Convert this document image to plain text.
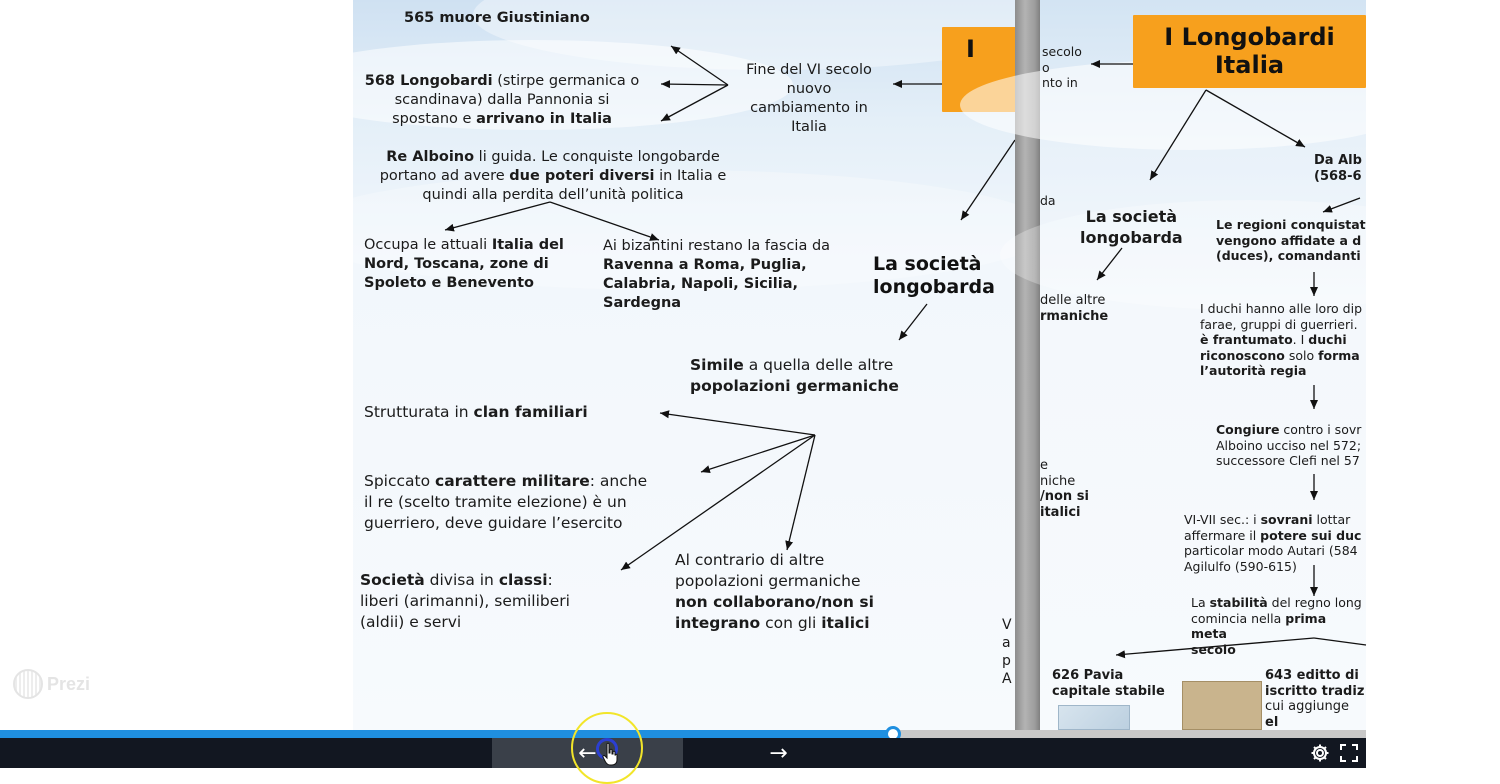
565 muore Giustiniano
568 Longobardi (stirpe germanica o
scandinava) dalla Pannonia si
spostano e arrivano in Italia
Fine del VI secolo
nuovo
cambiamento in
Italia
I
Re Alboino li guida. Le conquiste longobarde
portano ad avere due poteri diversi in Italia e
quindi alla perdita dell’unità politica
Occupa le attuali Italia del
Nord, Toscana, zone di
Spoleto e Benevento
Ai bizantini restano la fascia da
Ravenna a Roma, Puglia,
Calabria, Napoli, Sicilia,
Sardegna
La società
longobarda
Simile a quella delle altre
popolazioni germaniche
Strutturata in clan familiari
Spiccato carattere militare: anche
il re (scelto tramite elezione) è un
guerriero, deve guidare l’esercito
Società divisa in classi:
liberi (arimanni), semiliberi
(aldii) e servi
Al contrario di altre
popolazioni germaniche
non collaborano/non si
integrano con gli italici	V
a
p
A
secolo
o
nto in
I Longobardi
Italia
da
La società
longobarda
Da Alb
(568-6
Le regioni conquistat
vengono affidate a d
(duces), comandanti
delle altre
rmaniche	I duchi hanno alle loro dip
farae, gruppi di guerrieri.
è frantumato. I duchi
riconoscono solo forma
l’autorità regia
Congiure contro i sovr
Alboino ucciso nel 572;
successore Clefi nel 57
e
niche
/non si
italici	VI-VII sec.: i sovrani lottar
affermare il potere sui duc
particolar modo Autari (584
Agilulfo (590-615)
La stabilità del regno long
comincia nella prima meta
secolo
626 Pavia
capitale stabile
643 editto di
iscritto tradiz
cui aggiunge el
Prezi
←	→
